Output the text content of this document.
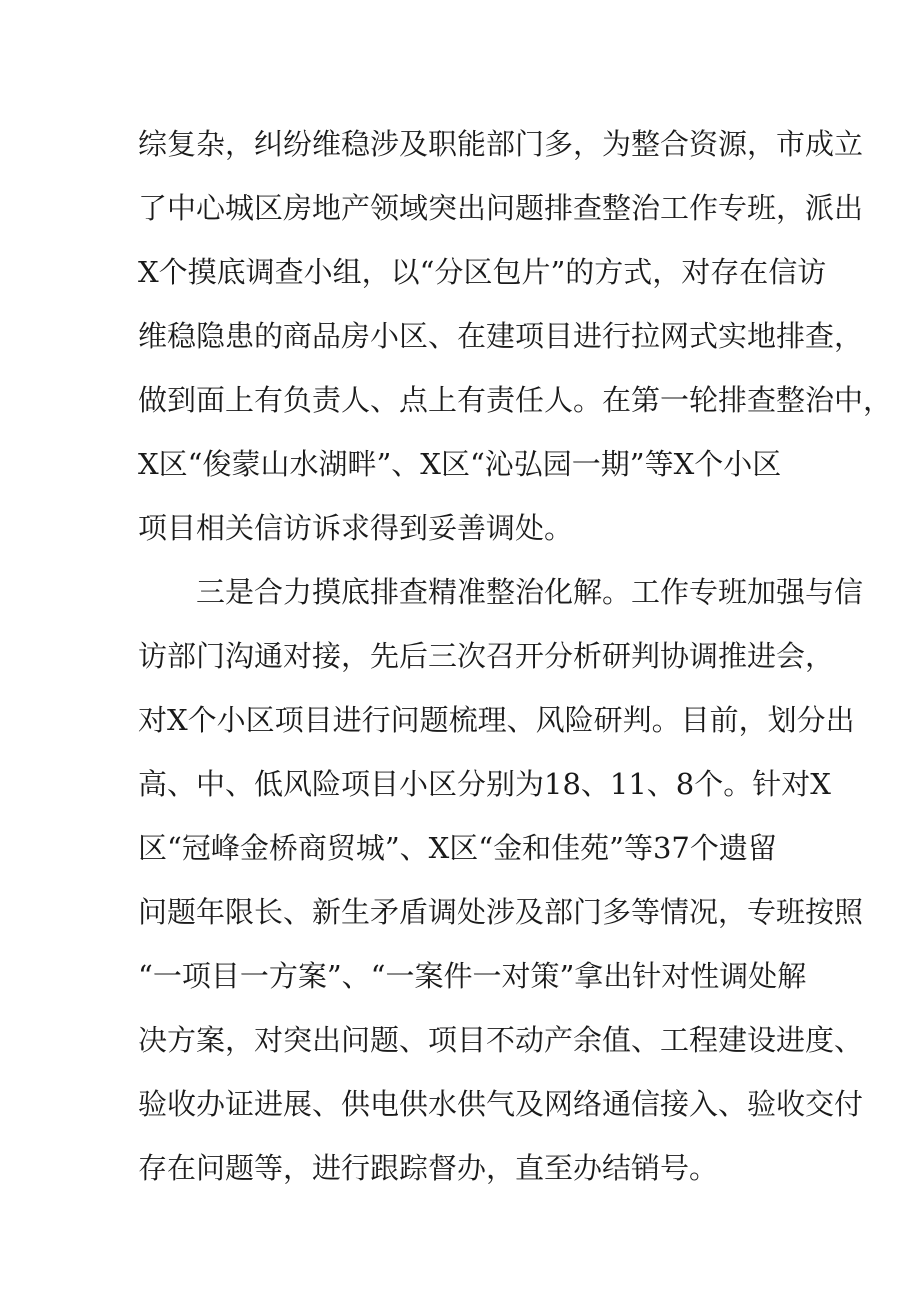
综复杂，纠纷维稳涉及职能部门多，为整合资源，市成立
了中心城区房地产领域突出问题排查整治工作专班，派出
X个摸底调查小组，以“分区包片”的方式，对存在信访
维稳隐患的商品房小区、在建项目进行拉网式实地排查，
做到面上有负责人、点上有责任人。在第一轮排查整治中，
X区“俊蒙山水湖畔”、X区“沁弘园一期”等X个小区
项目相关信访诉求得到妥善调处。
三是合力摸底排查精准整治化解。工作专班加强与信
访部门沟通对接，先后三次召开分析研判协调推进会，
对X个小区项目进行问题梳理、风险研判。目前，划分出
高、中、低风险项目小区分别为18、11、8个。针对X
区“冠峰金桥商贸城”、X区“金和佳苑”等37个遗留
问题年限长、新生矛盾调处涉及部门多等情况，专班按照
“一项目一方案”、“一案件一对策”拿出针对性调处解
决方案，对突出问题、项目不动产余值、工程建设进度、
验收办证进展、供电供水供气及网络通信接入、验收交付
存在问题等，进行跟踪督办，直至办结销号。
